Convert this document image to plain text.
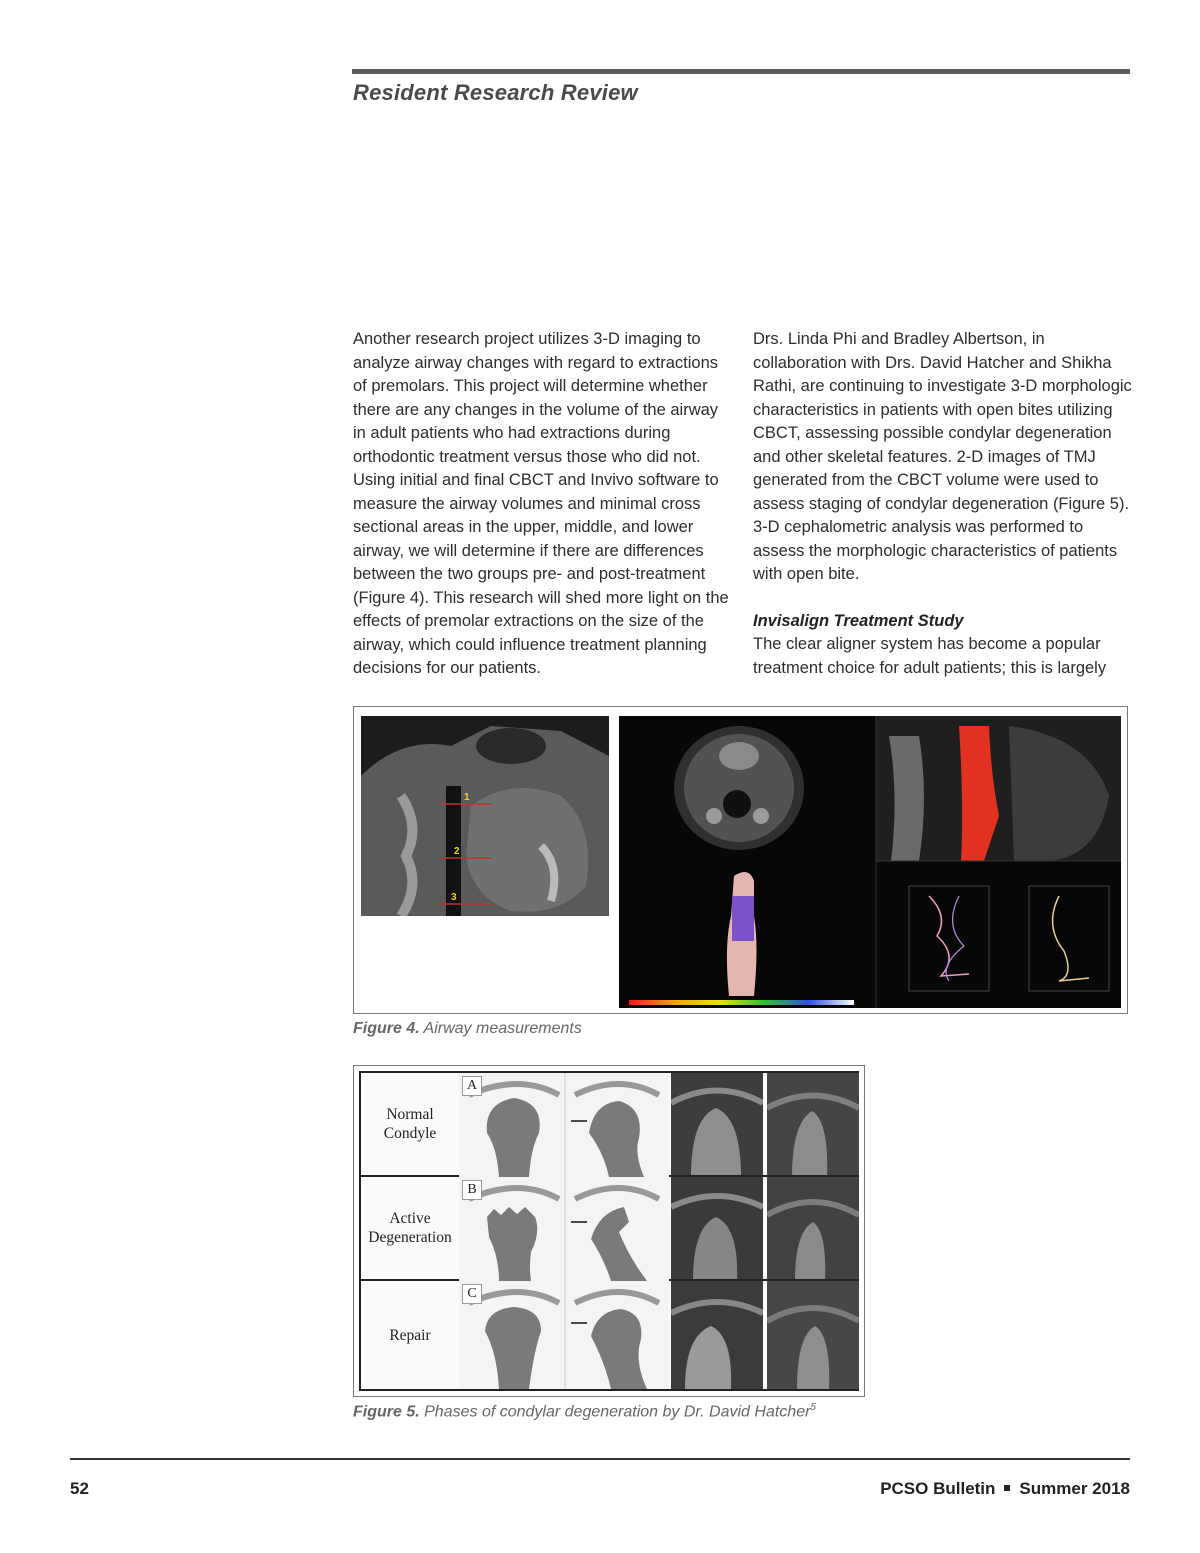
Resident Research Review

Another research project utilizes 3-D imaging to analyze airway changes with regard to extractions of premolars. This project will determine whether there are any changes in the volume of the airway in adult patients who had extractions during orthodontic treatment versus those who did not. Using initial and final CBCT and Invivo software to measure the airway volumes and minimal cross sectional areas in the upper, middle, and lower airway, we will determine if there are differences between the two groups pre- and post-treatment (Figure 4). This research will shed more light on the effects of premolar extractions on the size of the airway, which could influence treatment planning decisions for our patients.

Drs. Linda Phi and Bradley Albertson, in collaboration with Drs. David Hatcher and Shikha Rathi, are continuing to investigate 3-D morphologic characteristics in patients with open bites utilizing CBCT, assessing possible condylar degeneration and other skeletal features. 2-D images of TMJ generated from the CBCT volume were used to assess staging of condylar degeneration (Figure 5). 3-D cephalometric analysis was performed to assess the morphologic characteristics of patients with open bite.

Invisalign Treatment Study

The clear aligner system has become a popular treatment choice for adult patients; this is largely

1
2
3
Figure 4. Airway measurements
Normal
Condyle
A
Active
Degeneration
B
Repair
C
Figure 5. Phases of condylar degeneration by Dr. David Hatcher$^5$
52	PCSO Bulletin Summer 2018
